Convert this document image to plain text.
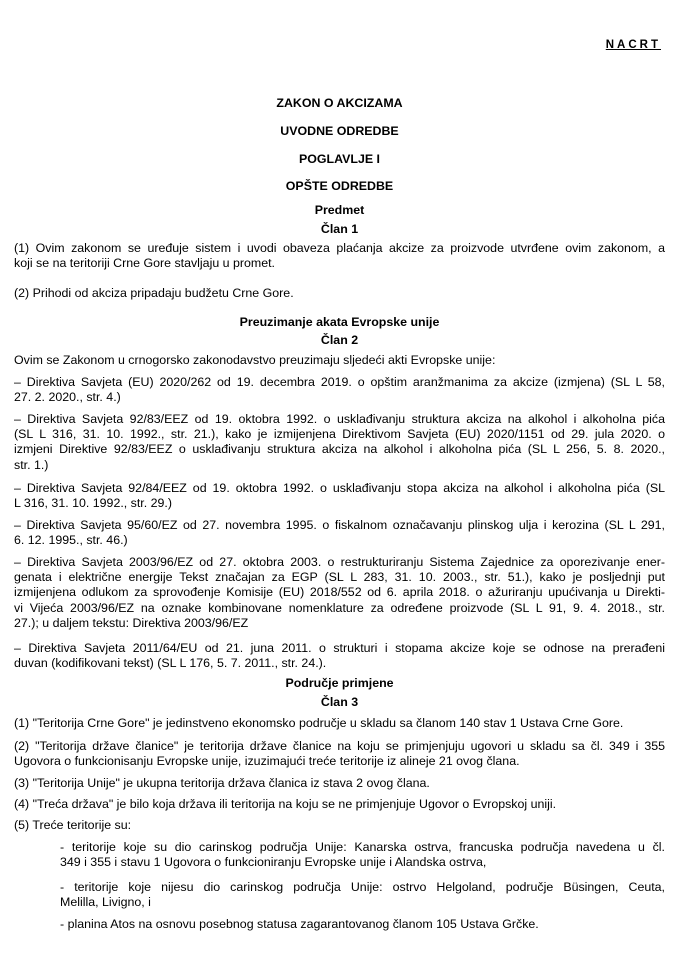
NACRT
ZAKON O AKCIZAMA
UVODNE ODREDBE
POGLAVLJE I
OPŠTE ODREDBE
Predmet
Član 1
(1) Ovim zakonom se uređuje sistem i uvodi obaveza plaćanja akcize za proizvode utvrđene ovim zakonom, a
koji se na teritoriji Crne Gore stavljaju u promet.
(2) Prihodi od akciza pripadaju budžetu Crne Gore.
Preuzimanje akata Evropske unije
Član 2
Ovim se Zakonom u crnogorsko zakonodavstvo preuzimaju sljedeći akti Evropske unije:
– Direktiva Savjeta (EU) 2020/262 od 19. decembra 2019. o opštim aranžmanima za akcize (izmjena) (SL L 58,
27. 2. 2020., str. 4.)
– Direktiva Savjeta 92/83/EEZ od 19. oktobra 1992. o usklađivanju struktura akciza na alkohol i alkoholna pića
(SL L 316, 31. 10. 1992., str. 21.), kako je izmijenjena Direktivom Savjeta (EU) 2020/1151 od 29. jula 2020. o
izmjeni Direktive 92/83/EEZ o usklađivanju struktura akciza na alkohol i alkoholna pića (SL L 256, 5. 8. 2020.,
str. 1.)
– Direktiva Savjeta 92/84/EEZ od 19. oktobra 1992. o usklađivanju stopa akciza na alkohol i alkoholna pića (SL
L 316, 31. 10. 1992., str. 29.)
– Direktiva Savjeta 95/60/EZ od 27. novembra 1995. o fiskalnom označavanju plinskog ulja i kerozina (SL L 291,
6. 12. 1995., str. 46.)
– Direktiva Savjeta 2003/96/EZ od 27. oktobra 2003. o restrukturiranju Sistema Zajednice za oporezivanje ener-
genata i električne energije Tekst značajan za EGP (SL L 283, 31. 10. 2003., str. 51.), kako je posljednji put
izmijenjena odlukom za sprovođenje Komisije (EU) 2018/552 od 6. aprila 2018. o ažuriranju upućivanja u Direkti-
vi Vijeća 2003/96/EZ na oznake kombinovane nomenklature za određene proizvode (SL L 91, 9. 4. 2018., str.
27.); u daljem tekstu: Direktiva 2003/96/EZ
– Direktiva Savjeta 2011/64/EU od 21. juna 2011. o strukturi i stopama akcize koje se odnose na prerađeni
duvan (kodifikovani tekst) (SL L 176, 5. 7. 2011., str. 24.).
Područje primjene
Član 3
(1) "Teritorija Crne Gore" je jedinstveno ekonomsko područje u skladu sa članom 140 stav 1 Ustava Crne Gore.
(2) "Teritorija države članice" je teritorija države članice na koju se primjenjuju ugovori u skladu sa čl. 349 i 355
Ugovora o funkcionisanju Evropske unije, izuzimajući treće teritorije iz alineje 21 ovog člana.
(3) "Teritorija Unije" je ukupna teritorija država članica iz stava 2 ovog člana.
(4) "Treća država" je bilo koja država ili teritorija na koju se ne primjenjuje Ugovor o Evropskoj uniji.
(5) Treće teritorije su:
- teritorije koje su dio carinskog područja Unije: Kanarska ostrva, francuska područja navedena u čl.
349 i 355 i stavu 1 Ugovora o funkcioniranju Evropske unije i Alandska ostrva,
- teritorije koje nijesu dio carinskog područja Unije: ostrvo Helgoland, područje Büsingen, Ceuta,
Melilla, Livigno, i
- planina Atos na osnovu posebnog statusa zagarantovanog članom 105 Ustava Grčke.
